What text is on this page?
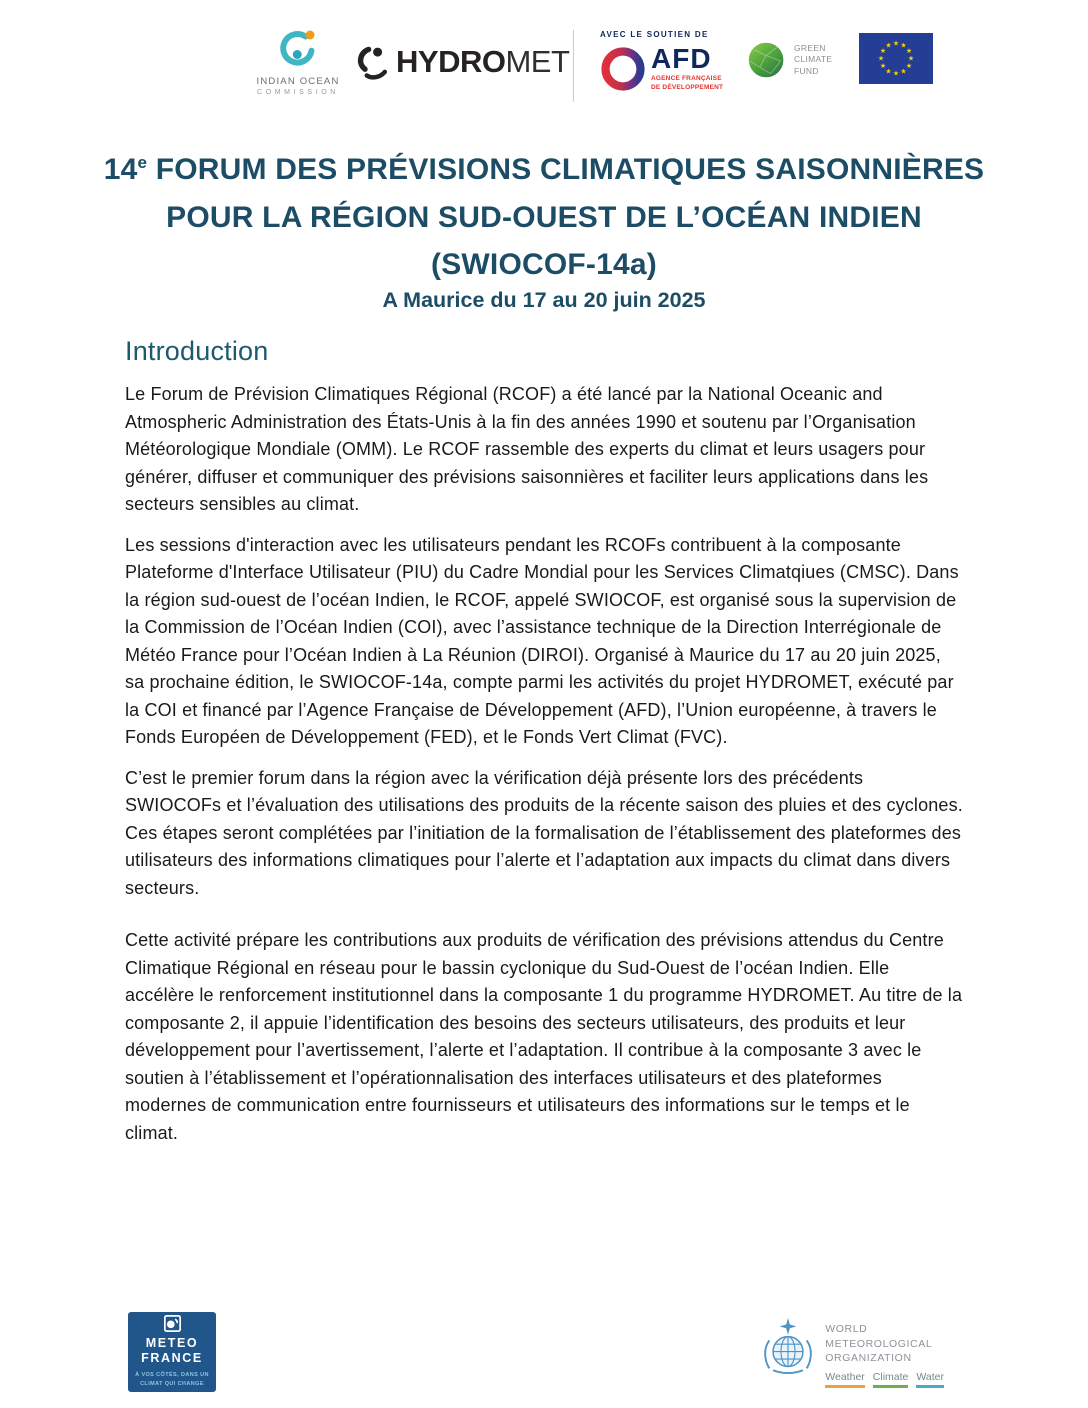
INDIAN OCEAN
COMMISSION
HYDROMET
AVEC LE SOUTIEN DE
AFD
AGENCE FRANÇAISE
DE DÉVELOPPEMENT
GREEN
CLIMATE
FUND
★ ★
★
★
★
★
★
★
★
★
★
★
14e FORUM DES PRÉVISIONS CLIMATIQUES SAISONNIÈRES
POUR LA RÉGION SUD-OUEST DE L’OCÉAN INDIEN
(SWIOCOF-14a)
A Maurice du 17 au 20 juin 2025
Introduction

Le Forum de Prévision Climatiques Régional (RCOF) a été lancé par la National Oceanic and Atmospheric Administration des États-Unis à la fin des années 1990 et soutenu par l’Organisation Météorologique Mondiale (OMM). Le RCOF rassemble des experts du climat et leurs usagers pour générer, diffuser et communiquer des prévisions saisonnières et faciliter leurs applications dans les secteurs sensibles au climat.

Les sessions d'interaction avec les utilisateurs pendant les RCOFs contribuent à la composante Plateforme d'Interface Utilisateur (PIU) du Cadre Mondial pour les Services Climatqiues (CMSC). Dans la région sud-ouest de l’océan Indien, le RCOF, appelé SWIOCOF, est organisé sous la supervision de la Commission de l’Océan Indien (COI), avec l’assistance technique de la Direction Interrégionale de Météo France pour l’Océan Indien à La Réunion (DIROI). Organisé à Maurice du 17 au 20 juin 2025, sa prochaine édition, le SWIOCOF-14a, compte parmi les activités du projet HYDROMET, exécuté par la COI et financé par l’Agence Française de Développement (AFD), l’Union européenne, à travers le Fonds Européen de Développement (FED), et le Fonds Vert Climat (FVC).

C’est le premier forum dans la région avec la vérification déjà présente lors des précédents SWIOCOFs et l’évaluation des utilisations des produits de la récente saison des pluies et des cyclones. Ces étapes seront complétées par l’initiation de la formalisation de l’établissement des plateformes des utilisateurs des informations climatiques pour l’alerte et l’adaptation aux impacts du climat dans divers secteurs.

Cette activité prépare les contributions aux produits de vérification des prévisions attendus du Centre Climatique Régional en réseau pour le bassin cyclonique du Sud-Ouest de l’océan Indien. Elle accélère le renforcement institutionnel dans la composante 1 du programme HYDROMET. Au titre de la composante 2, il appuie l’identification des besoins des secteurs utilisateurs, des produits et leur développement pour l’avertissement, l’alerte et l’adaptation. Il contribue à la composante 3 avec le soutien à l’établissement et l’opérationnalisation des interfaces utilisateurs et des plateformes modernes de communication entre fournisseurs et utilisateurs des informations sur le temps et le climat.

METEO
FRANCE
À VOS CÔTÉS, DANS UN
CLIMAT QUI CHANGE
WORLD
METEOROLOGICAL
ORGANIZATION
Weather Climate Water
